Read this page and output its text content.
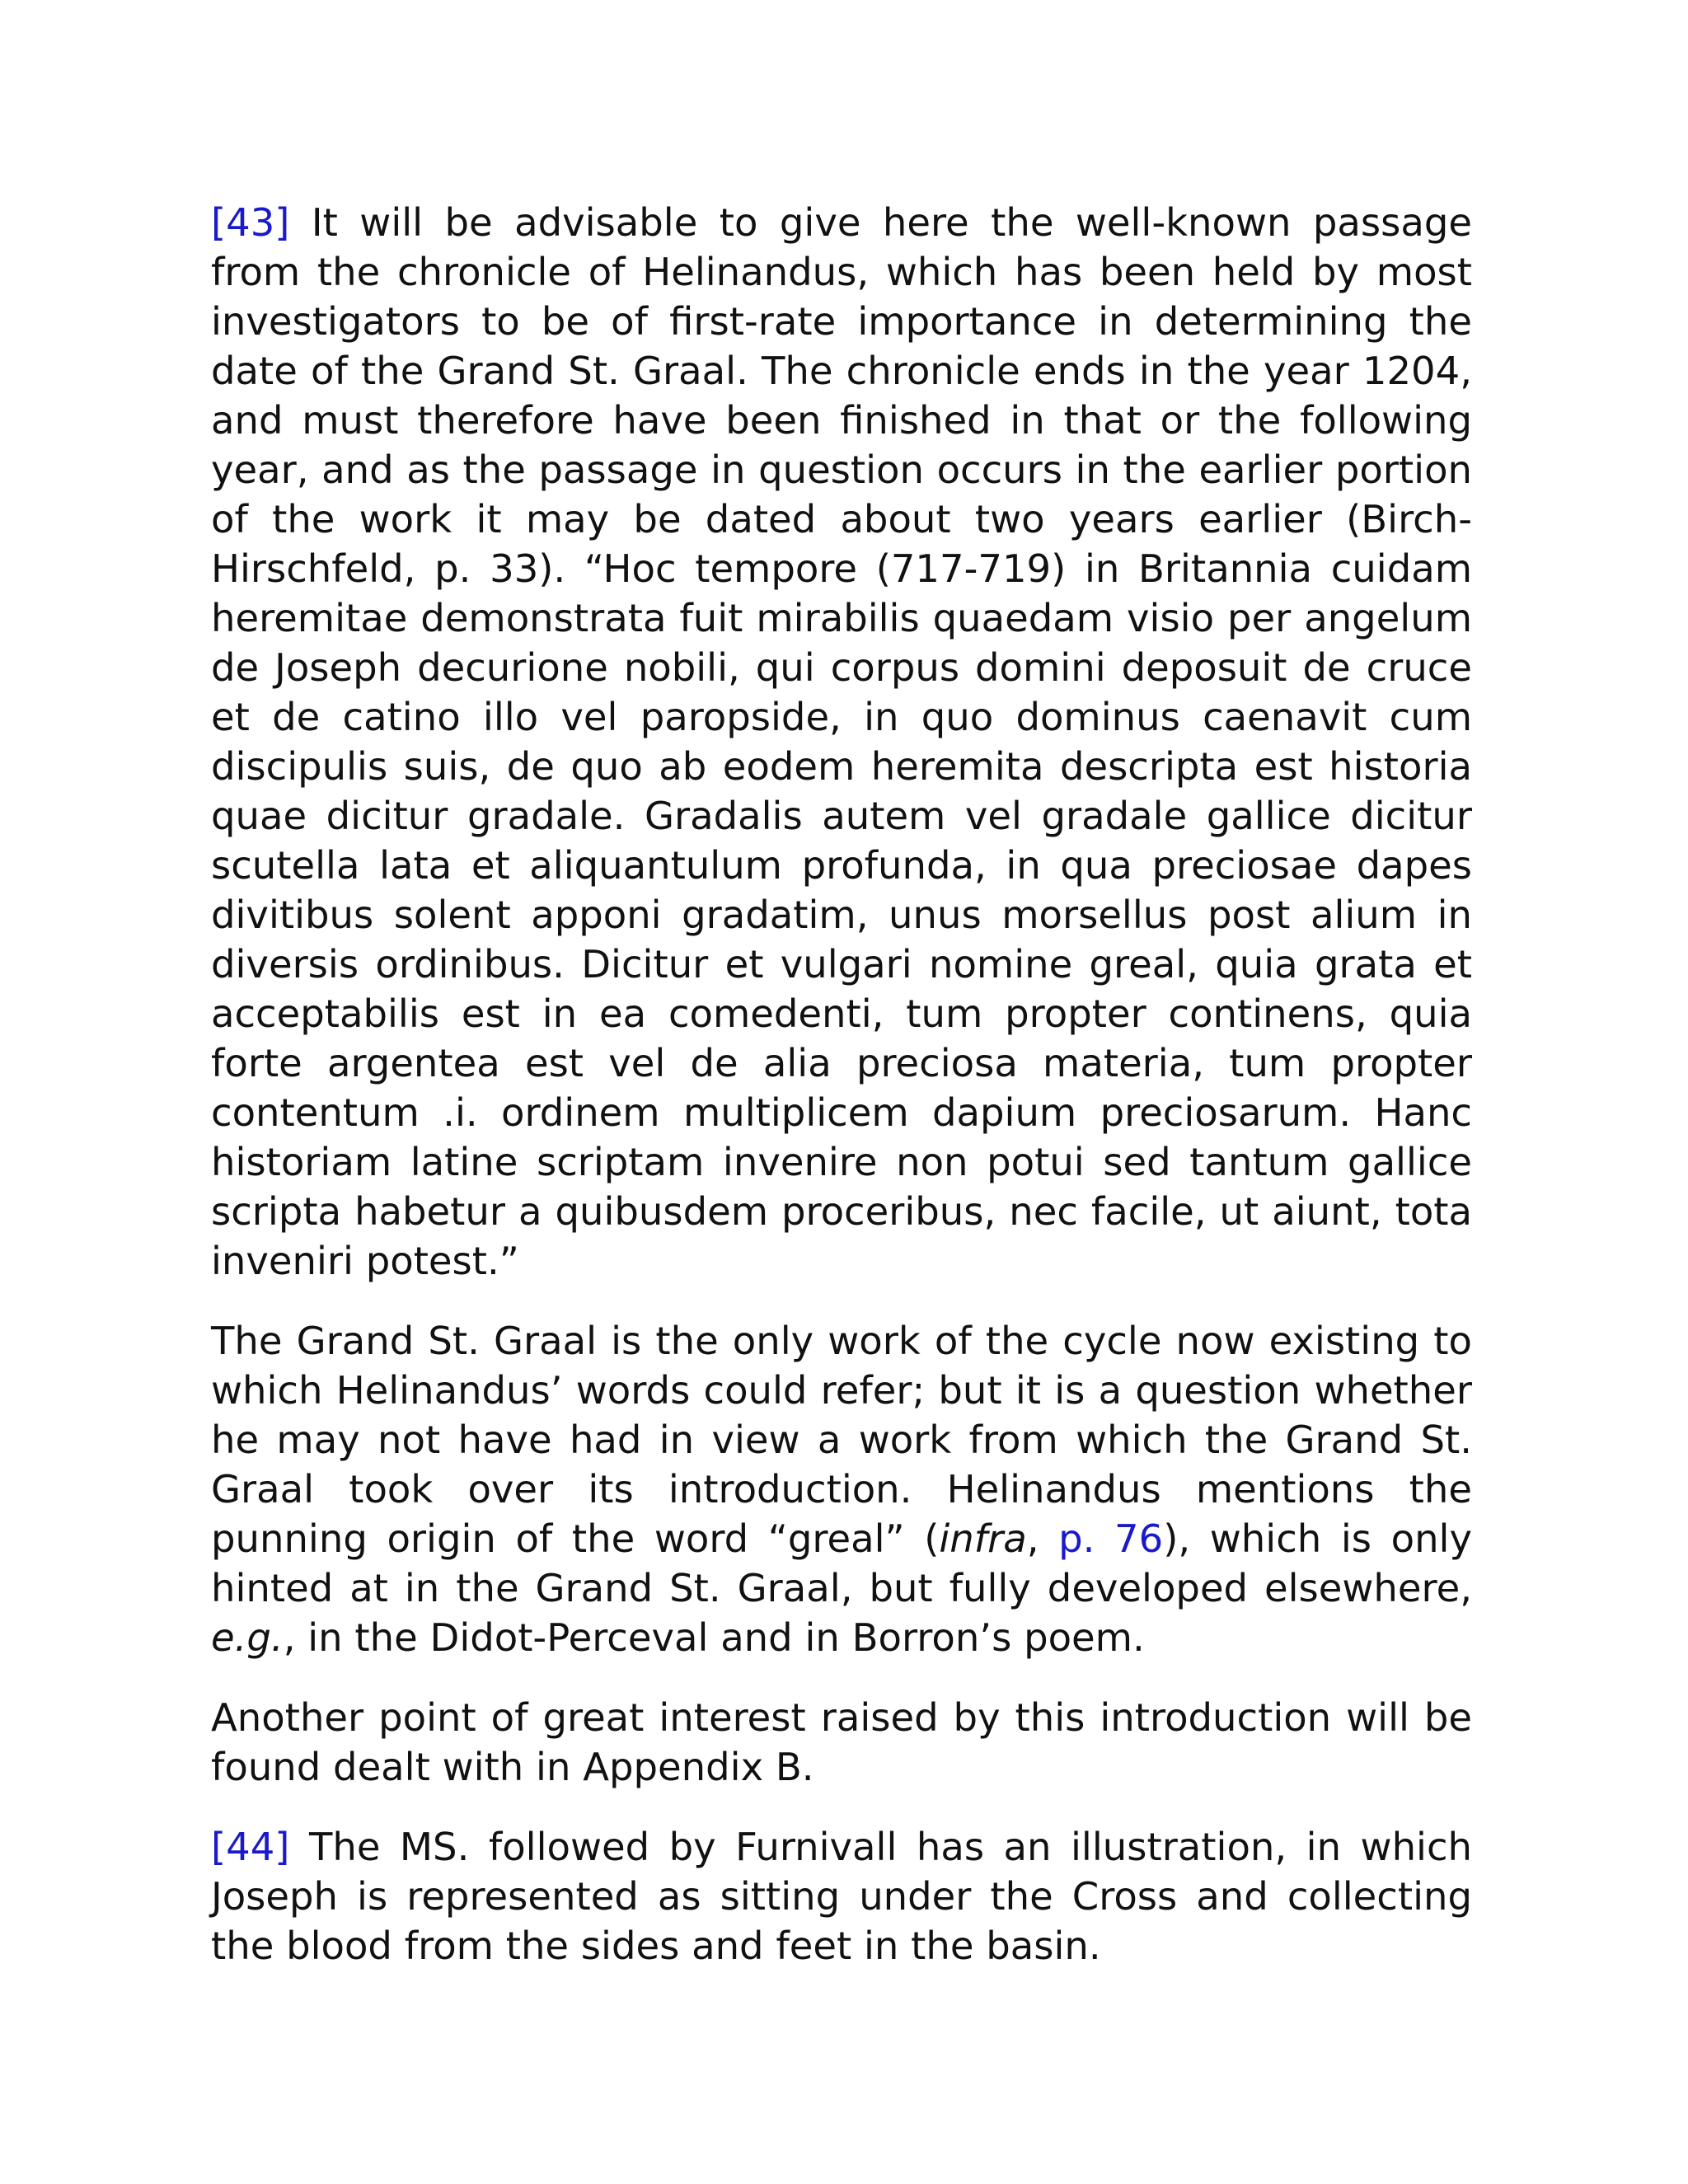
[43] It will be advisable to give here the well-known passage from the chronicle of Helinandus, which has been held by most investigators to be of first-rate importance in determining the date of the Grand St. Graal. The chronicle ends in the year 1204, and must therefore have been finished in that or the following year, and as the passage in question occurs in the earlier portion of the work it may be dated about two years earlier (Birch-Hirschfeld, p. 33). “Hoc tempore (717-719) in Britannia cuidam heremitae demonstrata fuit mirabilis quaedam visio per angelum de Joseph decurione nobili, qui corpus domini deposuit de cruce et de catino illo vel paropside, in quo dominus caenavit cum discipulis suis, de quo ab eodem heremita descripta est historia quae dicitur gradale. Gradalis autem vel gradale gallice dicitur scutella lata et aliquantulum profunda, in qua preciosae dapes divitibus solent apponi gradatim, unus morsellus post alium in diversis ordinibus. Dicitur et vulgari nomine greal, quia grata et acceptabilis est in ea comedenti, tum propter continens, quia forte argentea est vel de alia preciosa materia, tum propter contentum .i. ordinem multiplicem dapium preciosarum. Hanc historiam latine scriptam invenire non potui sed tantum gallice scripta habetur a quibusdem proceribus, nec facile, ut aiunt, tota inveniri potest.”

The Grand St. Graal is the only work of the cycle now existing to which Helinandus’ words could refer; but it is a question whether he may not have had in view a work from which the Grand St. Graal took over its introduction. Helinandus mentions the punning origin of the word “greal” (infra, p. 76), which is only hinted at in the Grand St. Graal, but fully developed elsewhere, e.g., in the Didot-Perceval and in Borron’s poem.

Another point of great interest raised by this introduction will be found dealt with in Appendix B.

[44] The MS. followed by Furnivall has an illustration, in which Joseph is represented as sitting under the Cross and collecting the blood from the sides and feet in the basin.
